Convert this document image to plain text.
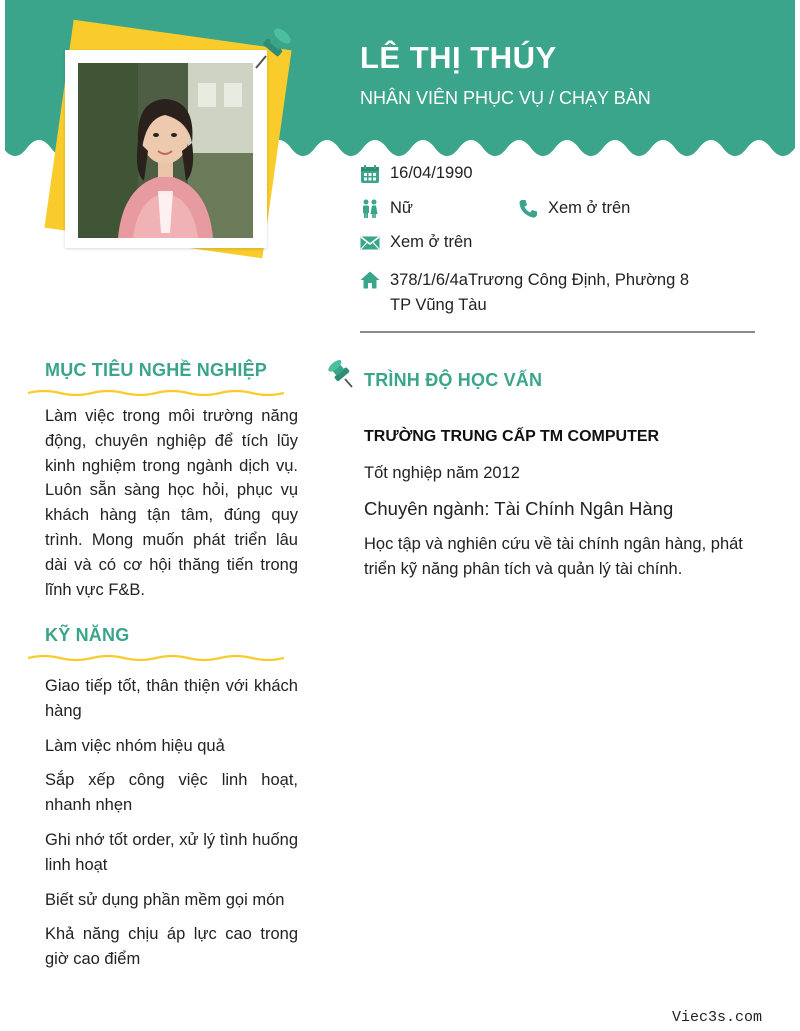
LÊ THỊ THÚY
NHÂN VIÊN PHỤC VỤ / CHẠY BÀN
16/04/1990
Nữ	Xem ở trên
Xem ở trên
378/1/6/4aTrương Công Định, Phường 8
TP Vũng Tàu
MỤC TIÊU NGHỀ NGHIỆP
Làm việc trong môi trường năng động, chuyên nghiệp để tích lũy kinh nghiệm trong ngành dịch vụ. Luôn sẵn sàng học hỏi, phục vụ khách hàng tận tâm, đúng quy trình. Mong muốn phát triển lâu dài và có cơ hội thăng tiến trong lĩnh vực F&B.
KỸ NĂNG
Giao tiếp tốt, thân thiện với khách hàng
Làm việc nhóm hiệu quả
Sắp xếp công việc linh hoạt, nhanh nhẹn
Ghi nhớ tốt order, xử lý tình huống linh hoạt
Biết sử dụng phần mềm gọi món
Khả năng chịu áp lực cao trong giờ cao điểm
TRÌNH ĐỘ HỌC VẤN
TRƯỜNG TRUNG CẤP TM COMPUTER
Tốt nghiệp năm 2012
Chuyên ngành: Tài Chính Ngân Hàng
Học tập và nghiên cứu về tài chính ngân hàng, phát triển kỹ năng phân tích và quản lý tài chính.
Viec3s.com
